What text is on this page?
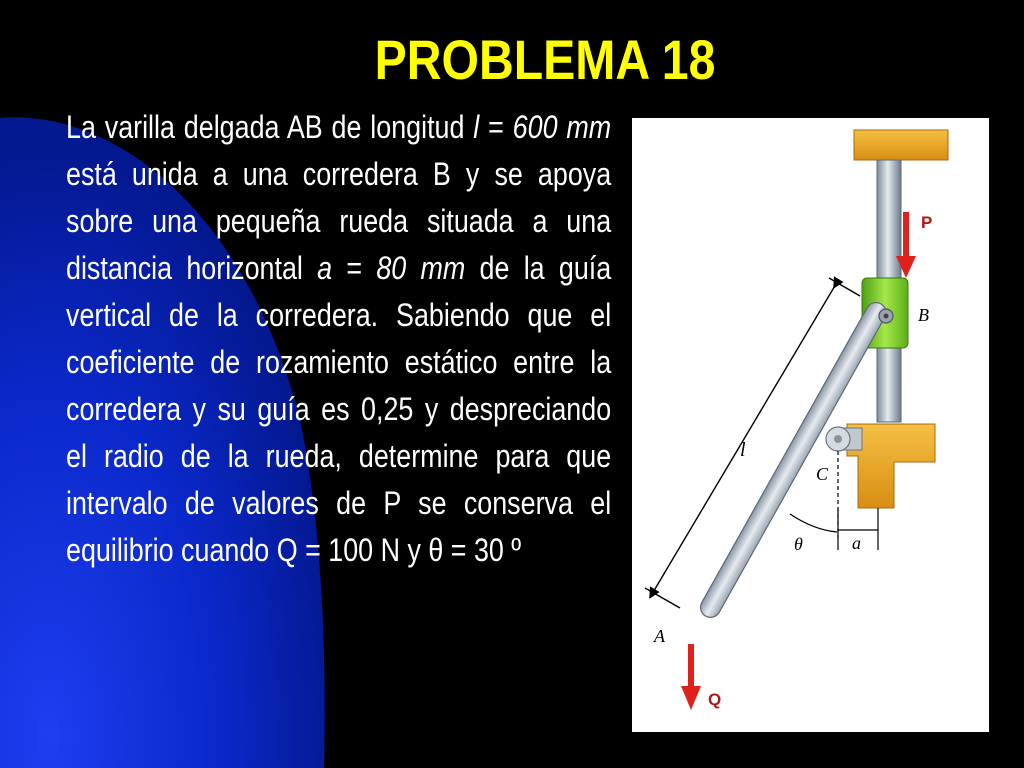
PROBLEMA 18

La varilla delgada AB de longitud l = 600 mm está unida a una corredera B y se apoya sobre una pequeña rueda situada a una distancia horizontal a = 80 mm de la guía vertical de la corredera. Sabiendo que el coeficiente de rozamiento estático entre la corredera y su guía es 0,25 y despreciando el radio de la rueda, determine para que intervalo de valores de P se conserva el equilibrio cuando Q = 100 N y θ = 30 º

P
B
C
l
θ	a
A
Q
